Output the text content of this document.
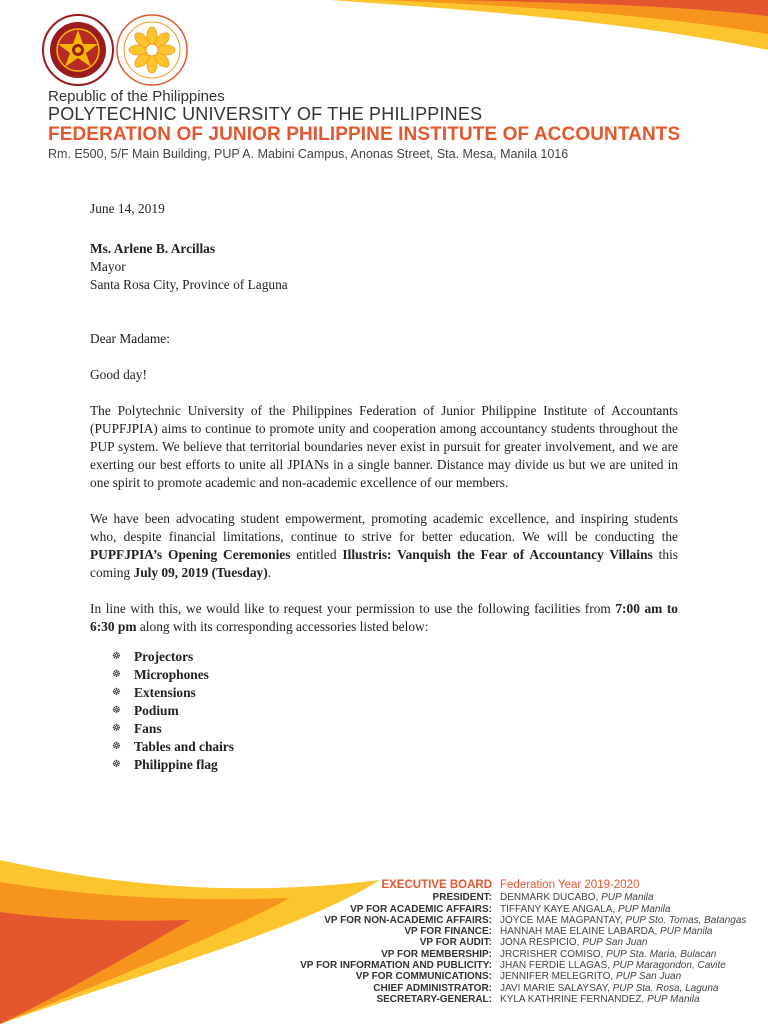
Republic of the Philippines
POLYTECHNIC UNIVERSITY OF THE PHILIPPINES
FEDERATION OF JUNIOR PHILIPPINE INSTITUTE OF ACCOUNTANTS
Rm. E500, 5/F Main Building, PUP A. Mabini Campus, Anonas Street, Sta. Mesa, Manila 1016

June 14, 2019

Ms. Arlene B. Arcillas

Mayor

Santa Rosa City, Province of Laguna

Dear Madame:

Good day!

The Polytechnic University of the Philippines Federation of Junior Philippine Institute of Accountants (PUPFJPIA) aims to continue to promote unity and cooperation among accountancy students throughout the PUP system. We believe that territorial boundaries never exist in pursuit for greater involvement, and we are exerting our best efforts to unite all JPIANs in a single banner. Distance may divide us but we are united in one spirit to promote academic and non-academic excellence of our members.

We have been advocating student empowerment, promoting academic excellence, and inspiring students who, despite financial limitations, continue to strive for better education. We will be conducting the PUPFJPIA’s Opening Ceremonies entitled Illustris: Vanquish the Fear of Accountancy Villains this coming July 09, 2019 (Tuesday).

In line with this, we would like to request your permission to use the following facilities from 7:00 am to 6:30 pm along with its corresponding accessories listed below:

☸ Projectors
☸ Microphones
☸ Extensions
☸ Podium
☸ Fans
☸ Tables and chairs
☸ Philippine flag
EXECUTIVE BOARD Federation Year 2019-2020
PRESIDENT: DENMARK DUCABO, PUP Manila
VP FOR ACADEMIC AFFAIRS: TIFFANY KAYE ANGALA, PUP Manila
VP FOR NON-ACADEMIC AFFAIRS: JOYCE MAE MAGPANTAY, PUP Sto. Tomas, Batangas
VP FOR FINANCE: HANNAH MAE ELAINE LABARDA, PUP Manila
VP FOR AUDIT: JONA RESPICIO, PUP San Juan
VP FOR MEMBERSHIP: JRCRISHER COMISO, PUP Sta. Maria, Bulacan
VP FOR INFORMATION AND PUBLICITY: JHAN FERDIE LLAGAS, PUP Maragondon, Cavite
VP FOR COMMUNICATIONS: JENNIFER MELEGRITO, PUP San Juan
CHIEF ADMINISTRATOR: JAVI MARIE SALAYSAY, PUP Sta. Rosa, Laguna
SECRETARY-GENERAL: KYLA KATHRINE FERNANDEZ, PUP Manila
